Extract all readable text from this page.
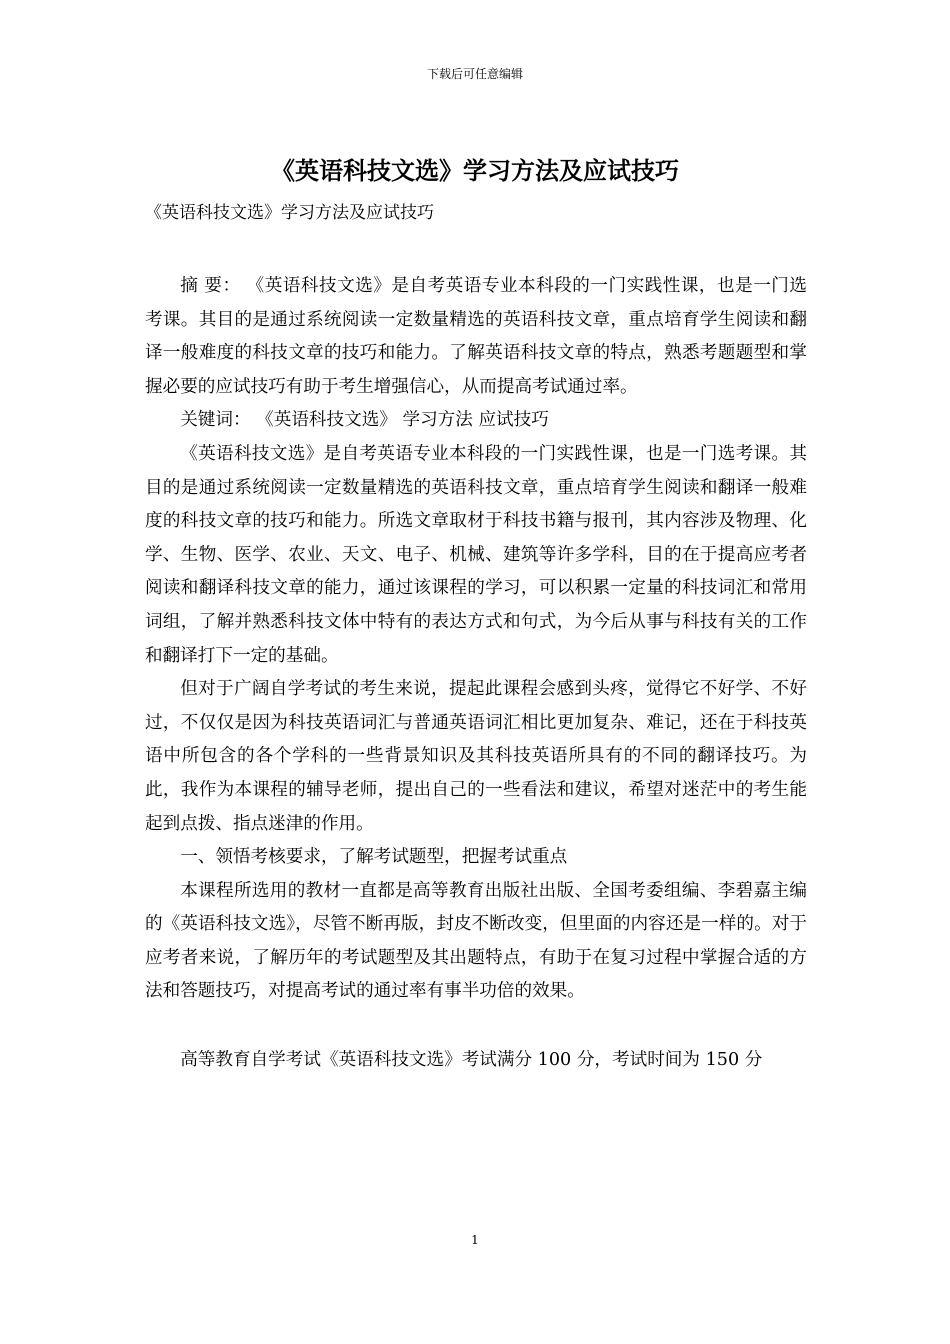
下载后可任意编辑
《英语科技文选》学习方法及应试技巧
《英语科技文选》学习方法及应试技巧

摘 要： 《英语科技文选》是自考英语专业本科段的一门实践性课，也是一门选考课。其目的是通过系统阅读一定数量精选的英语科技文章，重点培育学生阅读和翻译一般难度的科技文章的技巧和能力。了解英语科技文章的特点，熟悉考题题型和掌握必要的应试技巧有助于考生增强信心，从而提高考试通过率。

关键词： 《英语科技文选》 学习方法 应试技巧

《英语科技文选》是自考英语专业本科段的一门实践性课，也是一门选考课。其目的是通过系统阅读一定数量精选的英语科技文章，重点培育学生阅读和翻译一般难度的科技文章的技巧和能力。所选文章取材于科技书籍与报刊，其内容涉及物理、化学、生物、医学、农业、天文、电子、机械、建筑等许多学科，目的在于提高应考者阅读和翻译科技文章的能力，通过该课程的学习，可以积累一定量的科技词汇和常用词组，了解并熟悉科技文体中特有的表达方式和句式，为今后从事与科技有关的工作和翻译打下一定的基础。

但对于广阔自学考试的考生来说，提起此课程会感到头疼，觉得它不好学、不好过，不仅仅是因为科技英语词汇与普通英语词汇相比更加复杂、难记，还在于科技英语中所包含的各个学科的一些背景知识及其科技英语所具有的不同的翻译技巧。为此，我作为本课程的辅导老师，提出自己的一些看法和建议，希望对迷茫中的考生能起到点拨、指点迷津的作用。

一、领悟考核要求，了解考试题型，把握考试重点

本课程所选用的教材一直都是高等教育出版社出版、全国考委组编、李碧嘉主编的《英语科技文选》，尽管不断再版，封皮不断改变，但里面的内容还是一样的。对于应考者来说，了解历年的考试题型及其出题特点，有助于在复习过程中掌握合适的方法和答题技巧，对提高考试的通过率有事半功倍的效果。

高等教育自学考试《英语科技文选》考试满分 100 分，考试时间为 150 分

1
